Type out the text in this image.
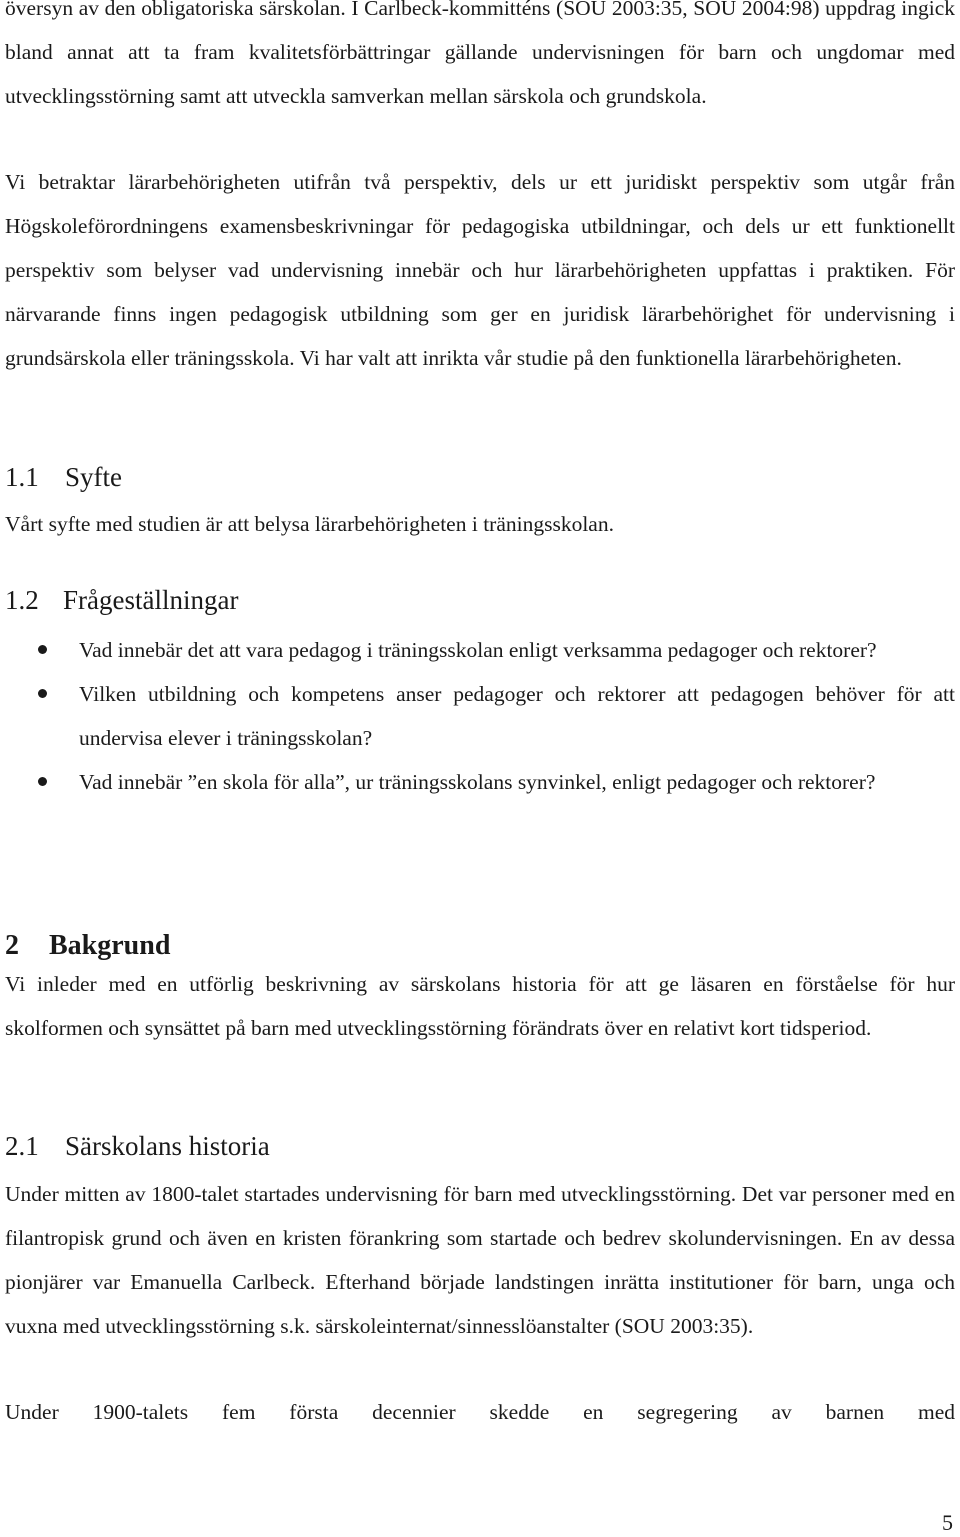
översyn av den obligatoriska särskolan. I Carlbeck-kommitténs (SOU 2003:35, SOU 2004:98) uppdrag ingick bland annat att ta fram kvalitetsförbättringar gällande undervisningen för barn och ungdomar med utvecklingsstörning samt att utveckla samverkan mellan särskola och grundskola.

Vi betraktar lärarbehörigheten utifrån två perspektiv, dels ur ett juridiskt perspektiv som utgår från Högskoleförordningens examensbeskrivningar för pedagogiska utbildningar, och dels ur ett funktionellt perspektiv som belyser vad undervisning innebär och hur lärarbehörigheten uppfattas i praktiken. För närvarande finns ingen pedagogisk utbildning som ger en juridisk lärarbehörighet för undervisning i grundsärskola eller träningsskola. Vi har valt att inrikta vår studie på den funktionella lärarbehörigheten.

1.1 Syfte

Vårt syfte med studien är att belysa lärarbehörigheten i träningsskolan.

1.2 Frågeställningar
Vad innebär det att vara pedagog i träningsskolan enligt verksamma pedagoger och rektorer?
Vilken utbildning och kompetens anser pedagoger och rektorer att pedagogen behöver för att undervisa elever i träningsskolan?
Vad innebär ”en skola för alla”, ur träningsskolans synvinkel, enligt pedagoger och rektorer?
2 Bakgrund

Vi inleder med en utförlig beskrivning av särskolans historia för att ge läsaren en förståelse för hur skolformen och synsättet på barn med utvecklingsstörning förändrats över en relativt kort tidsperiod.

2.1 Särskolans historia

Under mitten av 1800-talet startades undervisning för barn med utvecklingsstörning. Det var personer med en filantropisk grund och även en kristen förankring som startade och bedrev skolundervisningen. En av dessa pionjärer var Emanuella Carlbeck. Efterhand började landstingen inrätta institutioner för barn, unga och vuxna med utvecklingsstörning s.k. särskoleinternat/sinnesslöanstalter (SOU 2003:35).

Under 1900-talets fem första decennier skedde en segregering av barnen med

5
